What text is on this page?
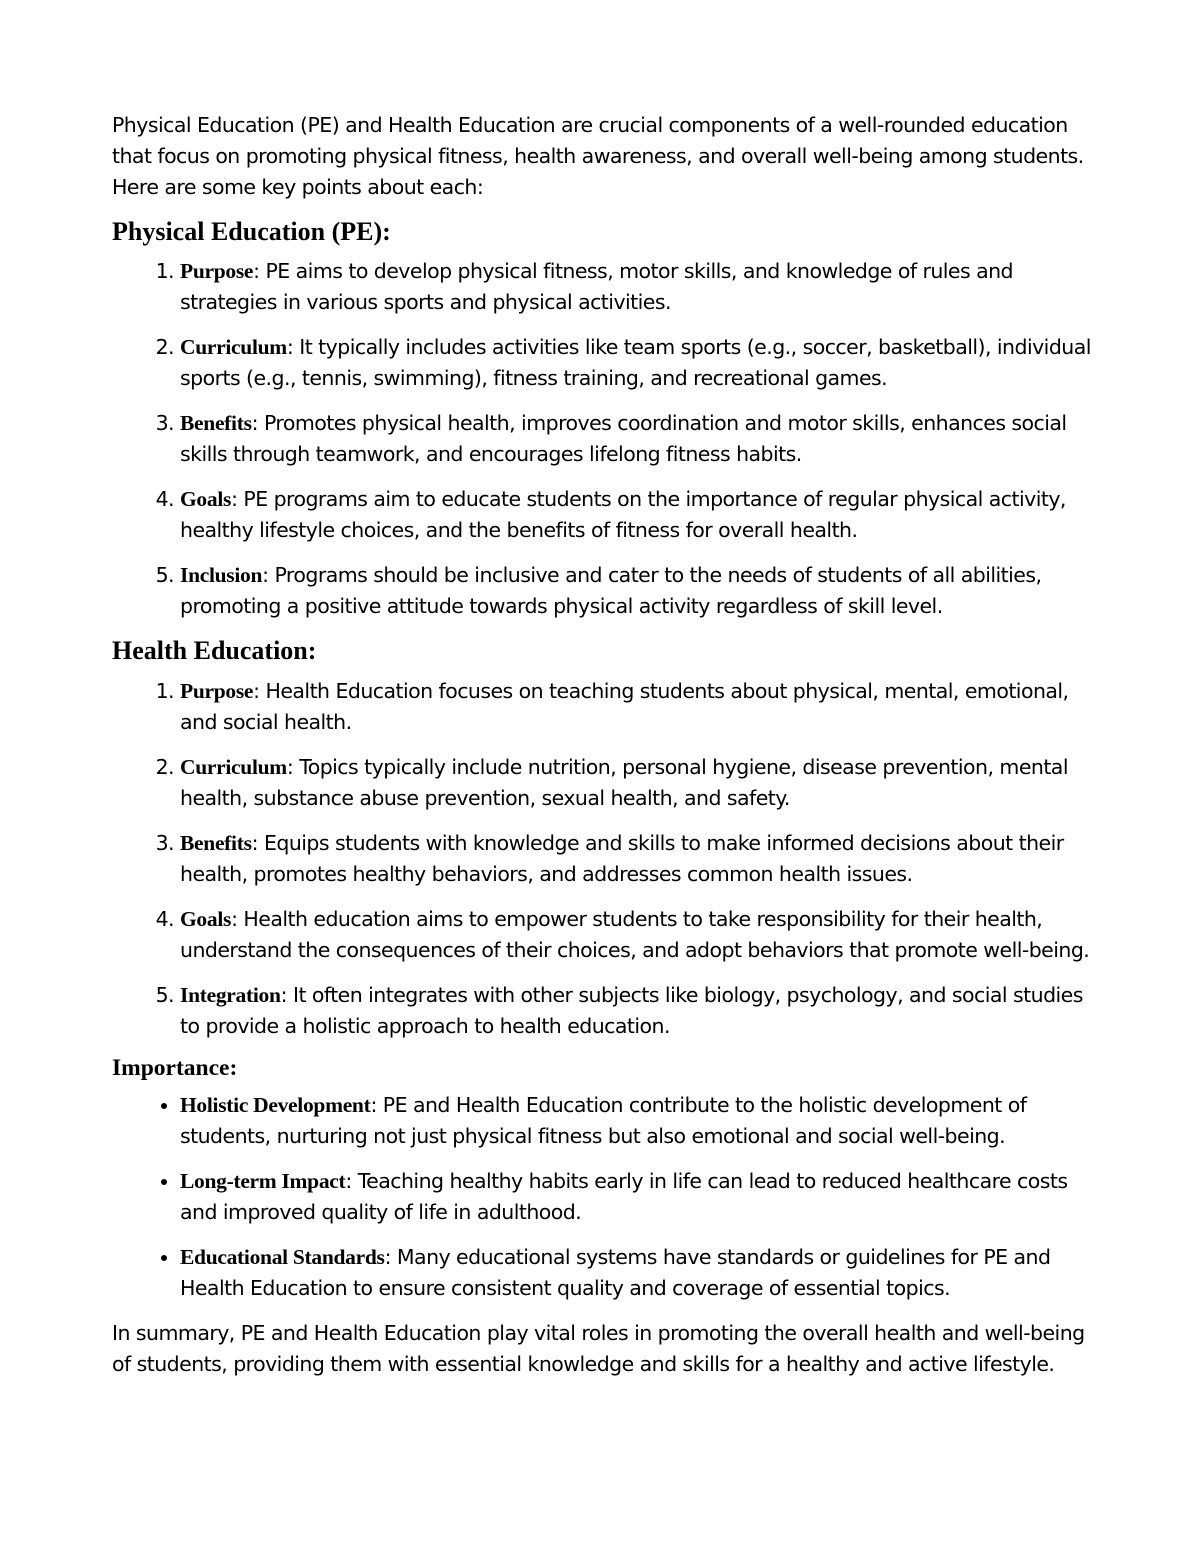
Physical Education (PE) and Health Education are crucial components of a well-rounded education that focus on promoting physical fitness, health awareness, and overall well-being among students. Here are some key points about each:

Physical Education (PE):
1. Purpose: PE aims to develop physical fitness, motor skills, and knowledge of rules and strategies in various sports and physical activities.
2. Curriculum: It typically includes activities like team sports (e.g., soccer, basketball), individual sports (e.g., tennis, swimming), fitness training, and recreational games.
3. Benefits: Promotes physical health, improves coordination and motor skills, enhances social skills through teamwork, and encourages lifelong fitness habits.
4. Goals: PE programs aim to educate students on the importance of regular physical activity, healthy lifestyle choices, and the benefits of fitness for overall health.
5. Inclusion: Programs should be inclusive and cater to the needs of students of all abilities, promoting a positive attitude towards physical activity regardless of skill level.
Health Education:
1. Purpose: Health Education focuses on teaching students about physical, mental, emotional, and social health.
2. Curriculum: Topics typically include nutrition, personal hygiene, disease prevention, mental health, substance abuse prevention, sexual health, and safety.
3. Benefits: Equips students with knowledge and skills to make informed decisions about their health, promotes healthy behaviors, and addresses common health issues.
4. Goals: Health education aims to empower students to take responsibility for their health, understand the consequences of their choices, and adopt behaviors that promote well-being.
5. Integration: It often integrates with other subjects like biology, psychology, and social studies to provide a holistic approach to health education.
Importance:
• Holistic Development: PE and Health Education contribute to the holistic development of students, nurturing not just physical fitness but also emotional and social well-being.
• Long-term Impact: Teaching healthy habits early in life can lead to reduced healthcare costs and improved quality of life in adulthood.
• Educational Standards: Many educational systems have standards or guidelines for PE and Health Education to ensure consistent quality and coverage of essential topics.

In summary, PE and Health Education play vital roles in promoting the overall health and well-being of students, providing them with essential knowledge and skills for a healthy and active lifestyle.
